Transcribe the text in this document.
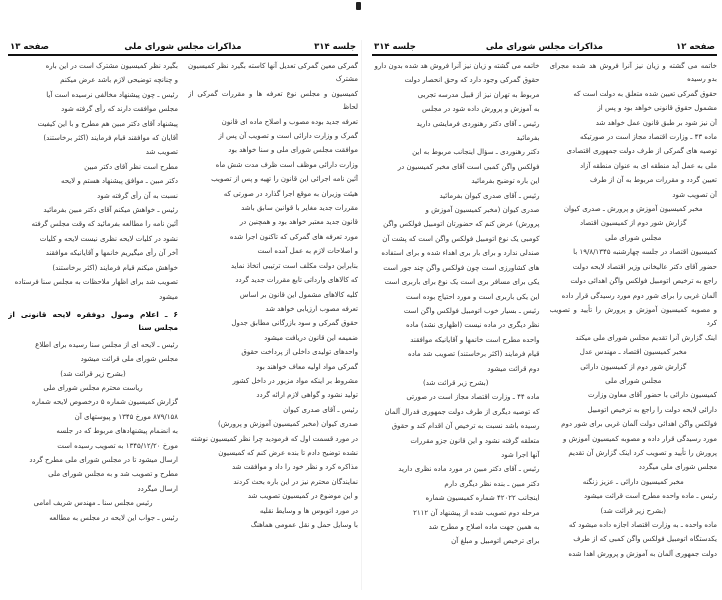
جلسه ۳۱۴
مذاکرات مجلس شورای ملی
صفحه ۱۳

گمرکی معین گمرکی تعدیل آنها کاسته بگیرد نظر کمیسیون مشترک

کمیسیون و مجلس نوع تعرفه ها و مقررات گمرکی از لحاظ

تعرفه جدید بوده مصوب و اصلاح ماده ای قانون

گمرک و وزارت دارائی است و تصویب آن پس از

موافقت مجلس شورای ملی و سنا خواهد بود

وزارت دارائی موظف است ظرف مدت شش ماه

آئین نامه اجرائی این قانون را تهیه و پس از تصویب

هیئت وزیران به موقع اجرا گذارد در صورتی که

مقررات جدید مغایر با قوانین سابق باشد

قانون جدید معتبر خواهد بود و همچنین در

مورد تعرفه های گمرکی که تاکنون اجرا شده

و اصلاحات لازم به عمل آمده است

بنابراین دولت مکلف است ترتیبی اتخاذ نماید

که کالاهای وارداتی تابع مقررات جدید گردد

کلیه کالاهای مشمول این قانون بر اساس

تعرفه مصوب ارزیابی خواهد شد

حقوق گمرکی و سود بازرگانی مطابق جدول

ضمیمه این قانون دریافت میشود

واحدهای تولیدی داخلی از پرداخت حقوق

گمرکی مواد اولیه معاف خواهند بود

مشروط بر اینکه مواد مزبور در داخل کشور

تولید نشود و گواهی لازم ارائه گردد

رئیس ـ آقای صدری کیوان

صدری کیوان (مخبر کمیسیون آموزش و پرورش)

در مورد قسمت اول که فرمودید چرا نظر کمیسیون نوشته

نشده توضیح دادم تا بنده عرض کنم که کمیسیون

مذاکره کرد و نظر خود را داد و موافقت شد

نمایندگان محترم نیز در این باره بحث کردند

و این موضوع در کمیسیون تصویب شد

در مورد اتوبوس ها و وسایط نقلیه

با وسایل حمل و نقل عمومی هماهنگ

بگیرد نظر کمیسیون مشترک است در این باره

و چنانچه توضیحی لازم باشد عرض میکنم

رئیس ـ چون پیشنهاد مخالفی نرسیده است آیا

مجلس موافقت دارند که رأی گرفته شود

پیشنهاد آقای دکتر مبین هم مطرح و با این کیفیت

آقایان که موافقند قیام فرمایند (اکثر برخاستند)

تصویب شد

مطرح است نظر آقای دکتر مبین

دکتر مبین ـ موافق پیشنهاد هستم و لایحه

نسبت به آن رأی گرفته شود

رئیس ـ خواهش میکنم آقای دکتر مبین بفرمائید

آئین نامه را مطالعه بفرمائید که وقت مجلس گرفته

نشود در کلیات لایحه نظری نیست لایحه و کلیات

آخر آن رأی میگیریم خانمها و آقایانیکه موافقند

خواهش میکنم قیام فرمایند (اکثر برخاستند)

تصویب شد برای اظهار ملاحظات به مجلس سنا فرستاده

میشود

۶ ـ اعلام وصول دوفقره لایحه قانونی از مجلس سنا

رئیس ـ لایحه ای از مجلس سنا رسیده برای اطلاع

مجلس شورای ملی قرائت میشود

(بشرح زیر قرائت شد)

ریاست محترم مجلس شورای ملی

گزارش کمیسیون شماره ۵ درخصوص لایحه شماره

۸۷۹/۱۵۸ مورخ ۱۳۴۵ و پیوستهای آن

به انضمام پیشنهادهای مربوط که در جلسه

مورخ ۱۳۴۵/۱۲/۲۰ به تصویب رسیده است

ارسال میشود تا در مجلس شورای ملی مطرح گردد

مطرح و تصویب شد و به مجلس شورای ملی

ارسال میگردد

رئیس مجلس سنا ـ مهندس شریف امامی

رئیس ـ جواب این لایحه در مجلس به مطالعه

صفحه ۱۲
مذاکرات مجلس شورای ملی
جلسه ۳۱۴

خاتمه می گشته و زیان نیز آنرا فروش هد شده مجرای بدو رسیده

حقوق گمرکی تعیین شده متعلق به دولت است که

مشمول حقوق قانونی خواهد بود و پس از

آن نیز شود بر طبق قانون عمل خواهد شد

ماده ۴۳ ـ وزارت اقتصاد مجاز است در صورتیکه

توصیه های گمرکی از طرف دولت جمهوری اقتصادی

ملی به عمل آید منطقه ای به عنوان منطقه آزاد

تعیین گردد و مقررات مربوط به آن از طرف

آن تصویب شود

مخبر کمیسیون آموزش و پرورش ـ صدری کیوان

گزارش شور دوم از کمیسیون اقتصاد

مجلس شورای ملی

کمیسیون اقتصاد در جلسه چهارشنبه ۱۹/۸/۱۳۴۵ با

حضور آقای دکتر عالیخانی وزیر اقتصاد لایحه دولت

راجع به ترخیص اتومبیل فولکس واگن اهدائی دولت

آلمان غربی را برای شور دوم مورد رسیدگی قرار داده

و مصوبه کمیسیون آموزش و پرورش را تأیید و تصویب کرد

اینک گزارش آنرا تقدیم مجلس شورای ملی میکند

مخبر کمیسیون اقتصاد ـ مهندس عدل

گزارش شور دوم از کمیسیون دارائی

مجلس شورای ملی

کمیسیون دارائی با حضور آقای معاون وزارت

دارائی لایحه دولت را راجع به ترخیص اتومبیل

فولکس واگن اهدائی دولت آلمان غربی برای شور دوم

مورد رسیدگی قرار داده و مصوبه کمیسیون آموزش و

پرورش را تأیید و تصویب کرد اینک گزارش آن تقدیم

مجلس شورای ملی میگردد

مخبر کمیسیون دارائی ـ عزیز زنگنه

رئیس ـ ماده واحده مطرح است قرائت میشود

(بشرح زیر قرائت شد)

ماده واحده ـ به وزارت اقتصاد اجازه داده میشود که

یکدستگاه اتومبیل فولکس واگن کمبی که از طرف

دولت جمهوری آلمان به آموزش و پرورش اهدا شده

خاتمه می گشته و زیان نیز آنرا فروش هد شده بدون دارو

حقوق گمرکی وجود دارد که وحق انحصار دولت

مربوط به تهران نیز از قبیل مدرسه تجربی

به آموزش و پرورش داده شود در مجلس

رئیس ـ آقای دکتر رهنوردی فرمایشی دارید

بفرمائید

دکتر رهنوردی ـ سؤال اینجانب مربوط به این

فولکس واگن کمبی است آقای مخبر کمیسیون در

این باره توضیح بفرمائید

رئیس ـ آقای صدری کیوان بفرمائید

صدری کیوان (مخبر کمیسیون آموزش و

پرورش) عرض کنم که حضورتان اتومبیل فولکس واگن

کومبی یک نوع اتومبیل فولکس واگن است که پشت آن

صندلی ندارد و برای بار بری اهداء شده و برای استفاده

های کشاورزی است چون فولکس واگن چند جور است

یکی برای مسافر بری است یک نوع برای باربری است

این یکی باربری است و مورد احتیاج بوده است

رئیس ـ بسیار خوب اتومبیل فولکس واگن است

نظر دیگری در ماده نیست (اظهاری نشد) ماده

واحده مطرح است خانمها و آقایانیکه موافقند

قیام فرمایند (اکثر برخاستند) تصویب شد ماده

دوم قرائت میشود

(بشرح زیر قرائت شد)

ماده ۴۴ ـ وزارت اقتصاد مجاز است در صورتی

که توصیه دیگری از طرف دولت جمهوری فدرال آلمان

رسیده باشد نسبت به ترخیص آن اقدام کند و حقوق

متعلقه گرفته نشود و این قانون جزو مقررات

آنها اجرا شود

رئیس ـ آقای دکتر مبین در مورد ماده نظری دارید

دکتر مبین ـ بنده نظر دیگری دارم

اینجانب ۴۲۰۲۲ شماره کمیسیون شماره

مرحله دوم تصویب شده از پیشنهاد آن ۲۱۱۲

به همین جهت ماده اصلاح و مطرح شد

برای ترخیص اتومبیل و مبلغ آن
